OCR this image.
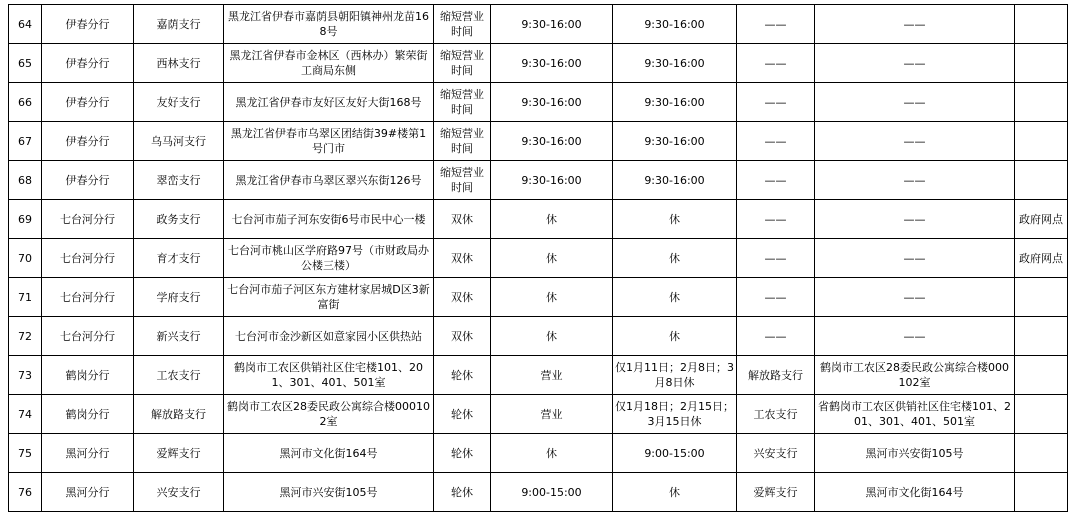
64	伊春分行	嘉荫支行	黑龙江省伊春市嘉荫县朝阳镇神州龙苗168号	缩短营业时间	9:30-16:00	9:30-16:00	——	——	
65	伊春分行	西林支行	黑龙江省伊春市金林区（西林办）繁荣街工商局东侧	缩短营业时间	9:30-16:00	9:30-16:00	——	——	
66	伊春分行	友好支行	黑龙江省伊春市友好区友好大街168号	缩短营业时间	9:30-16:00	9:30-16:00	——	——	
67	伊春分行	乌马河支行	黑龙江省伊春市乌翠区团结街39#楼第1号门市	缩短营业时间	9:30-16:00	9:30-16:00	——	——	
68	伊春分行	翠峦支行	黑龙江省伊春市乌翠区翠兴东街126号	缩短营业时间	9:30-16:00	9:30-16:00	——	——	
69	七台河分行	政务支行	七台河市茄子河东安街6号市民中心一楼	双休	休	休	——	——	政府网点
70	七台河分行	育才支行	七台河市桃山区学府路97号（市财政局办公楼三楼）	双休	休	休	——	——	政府网点
71	七台河分行	学府支行	七台河市茄子河区东方建材家居城D区3新富街	双休	休	休	——	——	
72	七台河分行	新兴支行	七台河市金沙新区如意家园小区供热站	双休	休	休	——	——	
73	鹤岗分行	工农支行	鹤岗市工农区供销社区住宅楼101、201、301、401、501室	轮休	营业	仅1月11日；2月8日；3月8日休	解放路支行	鹤岗市工农区28委民政公寓综合楼000102室	
74	鹤岗分行	解放路支行	鹤岗市工农区28委民政公寓综合楼000102室	轮休	营业	仅1月18日；2月15日；3月15日休	工农支行	省鹤岗市工农区供销社区住宅楼101、201、301、401、501室	
75	黑河分行	爱辉支行	黑河市文化街164号	轮休	休	9:00-15:00	兴安支行	黑河市兴安街105号	
76	黑河分行	兴安支行	黑河市兴安街105号	轮休	9:00-15:00	休	爱辉支行	黑河市文化街164号	
